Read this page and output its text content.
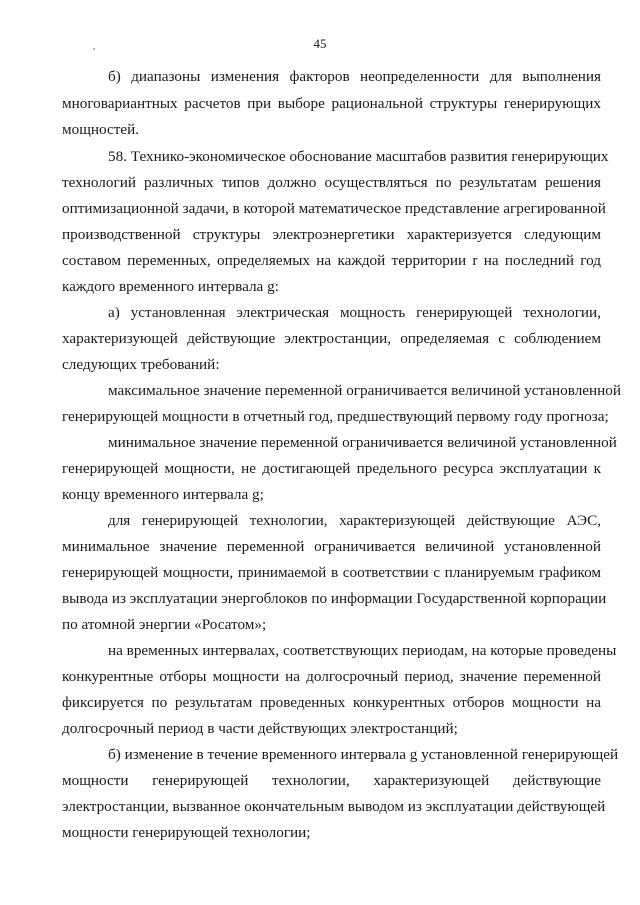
45
б) диапазоны изменения факторов неопределенности для выполнения
многовариантных расчетов при выборе рациональной структуры генерирующих
мощностей.
58. Технико-экономическое обоснование масштабов развития генерирующих
технологий различных типов должно осуществляться по результатам решения
оптимизационной задачи, в которой математическое представление агрегированной
производственной структуры электроэнергетики характеризуется следующим
составом переменных, определяемых на каждой территории r на последний год
каждого временного интервала g:
а) установленная электрическая мощность генерирующей технологии,
характеризующей действующие электростанции, определяемая с соблюдением
следующих требований:
максимальное значение переменной ограничивается величиной установленной
генерирующей мощности в отчетный год, предшествующий первому году прогноза;
минимальное значение переменной ограничивается величиной установленной
генерирующей мощности, не достигающей предельного ресурса эксплуатации к
концу временного интервала g;
для генерирующей технологии, характеризующей действующие АЭС,
минимальное значение переменной ограничивается величиной установленной
генерирующей мощности, принимаемой в соответствии с планируемым графиком
вывода из эксплуатации энергоблоков по информации Государственной корпорации
по атомной энергии «Росатом»;
на временных интервалах, соответствующих периодам, на которые проведены
конкурентные отборы мощности на долгосрочный период, значение переменной
фиксируется по результатам проведенных конкурентных отборов мощности на
долгосрочный период в части действующих электростанций;
б) изменение в течение временного интервала g установленной генерирующей
мощности генерирующей технологии, характеризующей действующие
электростанции, вызванное окончательным выводом из эксплуатации действующей
мощности генерирующей технологии;
